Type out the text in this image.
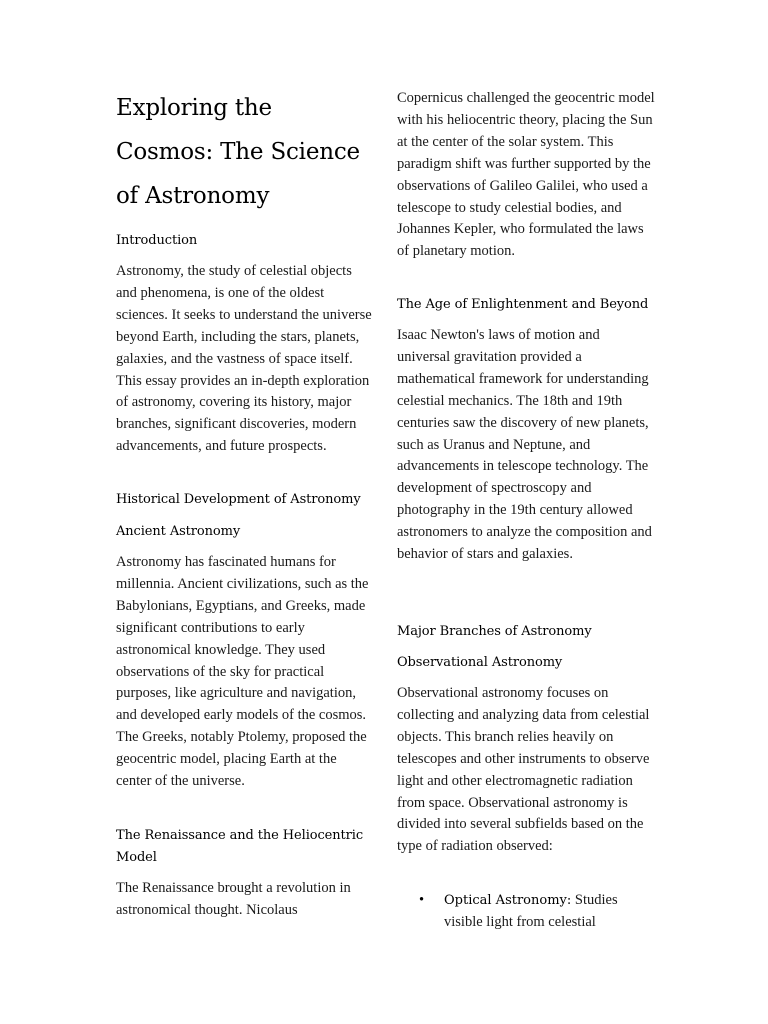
Exploring the Cosmos: The Science of Astronomy
Introduction

Astronomy, the study of celestial objects and phenomena, is one of the oldest sciences. It seeks to understand the universe beyond Earth, including the stars, planets, galaxies, and the vastness of space itself. This essay provides an in-depth exploration of astronomy, covering its history, major branches, significant discoveries, modern advancements, and future prospects.

Historical Development of Astronomy
Ancient Astronomy

Astronomy has fascinated humans for millennia. Ancient civilizations, such as the Babylonians, Egyptians, and Greeks, made significant contributions to early astronomical knowledge. They used observations of the sky for practical purposes, like agriculture and navigation, and developed early models of the cosmos. The Greeks, notably Ptolemy, proposed the geocentric model, placing Earth at the center of the universe.

The Renaissance and the Heliocentric Model

The Renaissance brought a revolution in astronomical thought. Nicolaus

Copernicus challenged the geocentric model with his heliocentric theory, placing the Sun at the center of the solar system. This paradigm shift was further supported by the observations of Galileo Galilei, who used a telescope to study celestial bodies, and Johannes Kepler, who formulated the laws of planetary motion.

The Age of Enlightenment and Beyond

Isaac Newton's laws of motion and universal gravitation provided a mathematical framework for understanding celestial mechanics. The 18th and 19th centuries saw the discovery of new planets, such as Uranus and Neptune, and advancements in telescope technology. The development of spectroscopy and photography in the 19th century allowed astronomers to analyze the composition and behavior of stars and galaxies.

Major Branches of Astronomy
Observational Astronomy

Observational astronomy focuses on collecting and analyzing data from celestial objects. This branch relies heavily on telescopes and other instruments to observe light and other electromagnetic radiation from space. Observational astronomy is divided into several subfields based on the type of radiation observed:

• Optical Astronomy: Studies visible light from celestial
